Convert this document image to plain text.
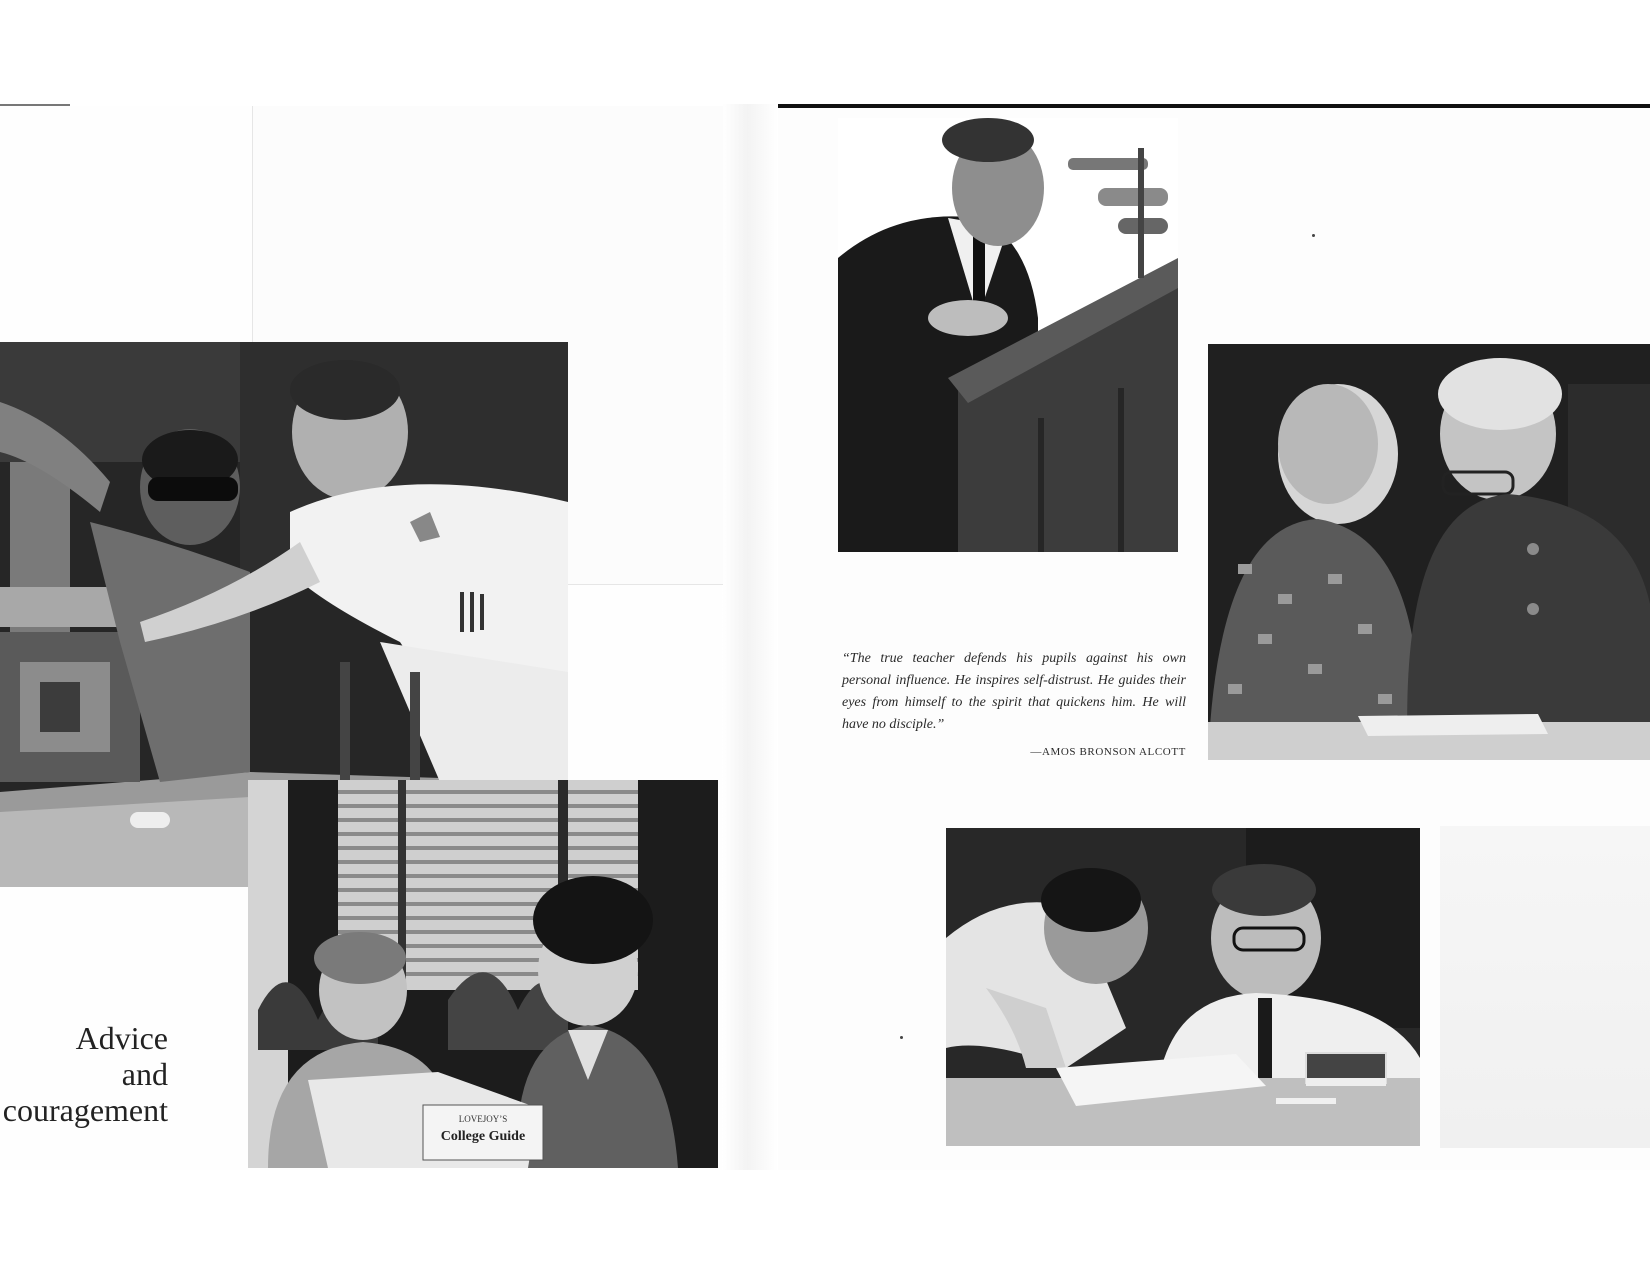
LOVEJOY’S
College Guide
Advice
and
couragement
“The true teacher defends his pupils against his own personal influence. He inspires self-distrust. He guides their eyes from himself to the spirit that quickens him. He will have no disciple.”
—AMOS BRONSON ALCOTT
